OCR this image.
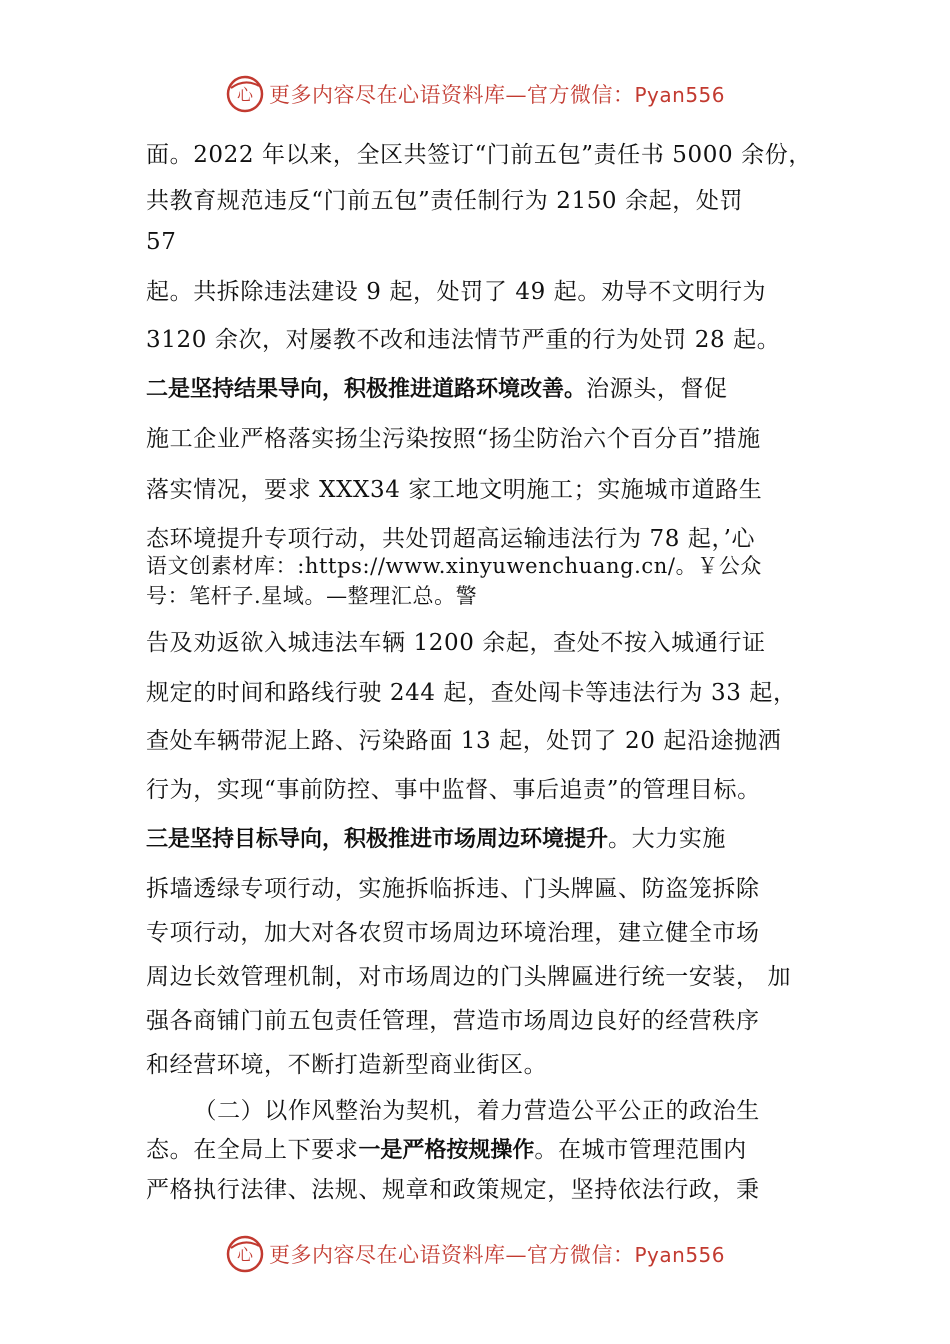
心 更多内容尽在心语资料库—官方微信：Pyan556
面。2022 年以来，全区共签订“门前五包”责任书 5000 余份，
共教育规范违反“门前五包”责任制行为 2150 余起，处罚
57
起。共拆除违法建设 9 起，处罚了 49 起。劝导不文明行为
3120 余次，对屡教不改和违法情节严重的行为处罚 28 起。
二是坚持结果导向，积极推进道路环境改善。治源头，督促
施工企业严格落实扬尘污染按照“扬尘防治六个百分百”措施
落实情况，要求 XXX34 家工地文明施工；实施城市道路生
态环境提升专项行动，共处罚超高运输违法行为 78 起，’心
语文创素材库：:https://www.xinyuwenchuang.cn/。￥公众
号：笔杆子.星域。—整理汇总。警
告及劝返欲入城违法车辆 1200 余起，查处不按入城通行证
规定的时间和路线行驶 244 起，查处闯卡等违法行为 33 起，
查处车辆带泥上路、污染路面 13 起，处罚了 20 起沿途抛洒
行为，实现“事前防控、事中监督、事后追责”的管理目标。
三是坚持目标导向，积极推进市场周边环境提升。大力实施
拆墙透绿专项行动，实施拆临拆违、门头牌匾、防盗笼拆除
专项行动，加大对各农贸市场周边环境治理，建立健全市场
周边长效管理机制，对市场周边的门头牌匾进行统一安装， 加
强各商铺门前五包责任管理，营造市场周边良好的经营秩序
和经营环境，不断打造新型商业街区。
（二）以作风整治为契机，着力营造公平公正的政治生
态。在全局上下要求一是严格按规操作。在城市管理范围内
严格执行法律、法规、规章和政策规定，坚持依法行政，秉
心 更多内容尽在心语资料库—官方微信：Pyan556
